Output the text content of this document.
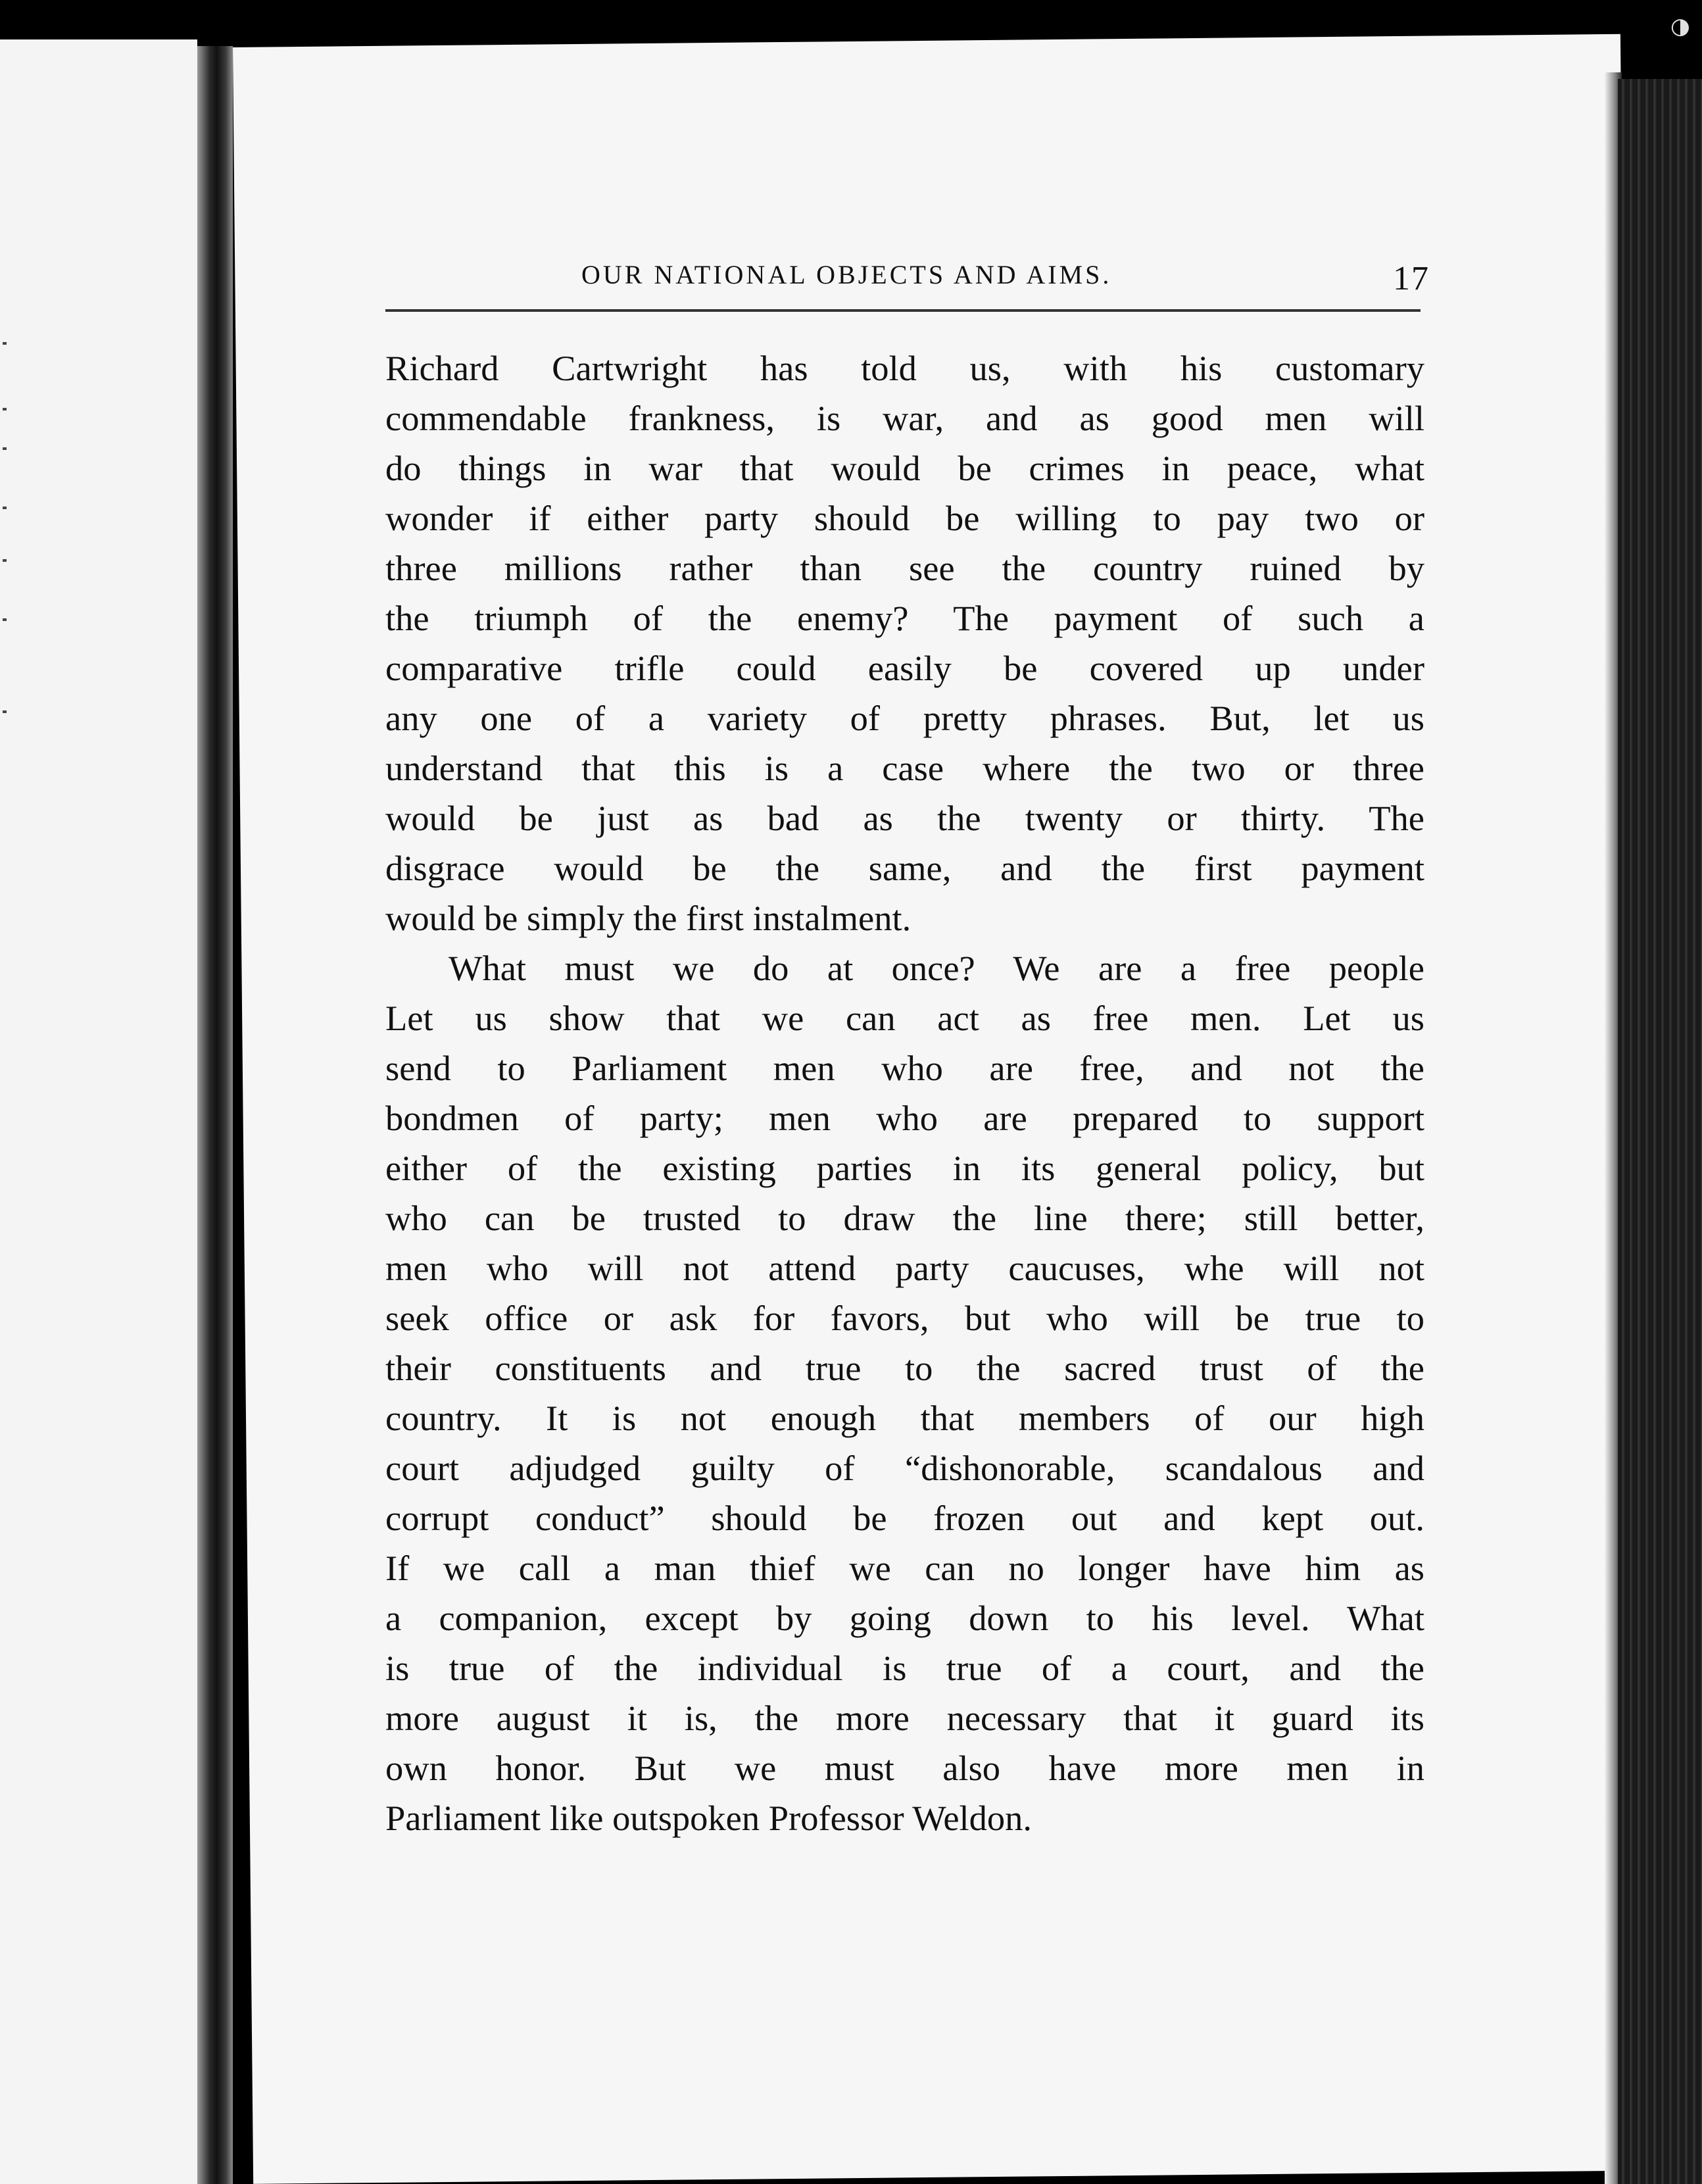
◑
OUR NATIONAL OBJECTS AND AIMS.	17
Richard Cartwright has told us, with his customary
commendable frankness, is war, and as good men will
do things in war that would be crimes in peace, what
wonder if either party should be willing to pay two or
three millions rather than see the country ruined by
the triumph of the enemy? The payment of such a
comparative trifle could easily be covered up under
any one of a variety of pretty phrases. But, let us
understand that this is a case where the two or three
would be just as bad as the twenty or thirty. The
disgrace would be the same, and the first payment
would be simply the first instalment.
What must we do at once? We are a free people
Let us show that we can act as free men. Let us
send to Parliament men who are free, and not the
bondmen of party; men who are prepared to support
either of the existing parties in its general policy, but
who can be trusted to draw the line there; still better,
men who will not attend party caucuses, whe will not
seek office or ask for favors, but who will be true to
their constituents and true to the sacred trust of the
country. It is not enough that members of our high
court adjudged guilty of “dishonorable, scandalous and
corrupt conduct” should be frozen out and kept out.
If we call a man thief we can no longer have him as
a companion, except by going down to his level. What
is true of the individual is true of a court, and the
more august it is, the more necessary that it guard its
own honor. But we must also have more men in
Parliament like outspoken Professor Weldon.
